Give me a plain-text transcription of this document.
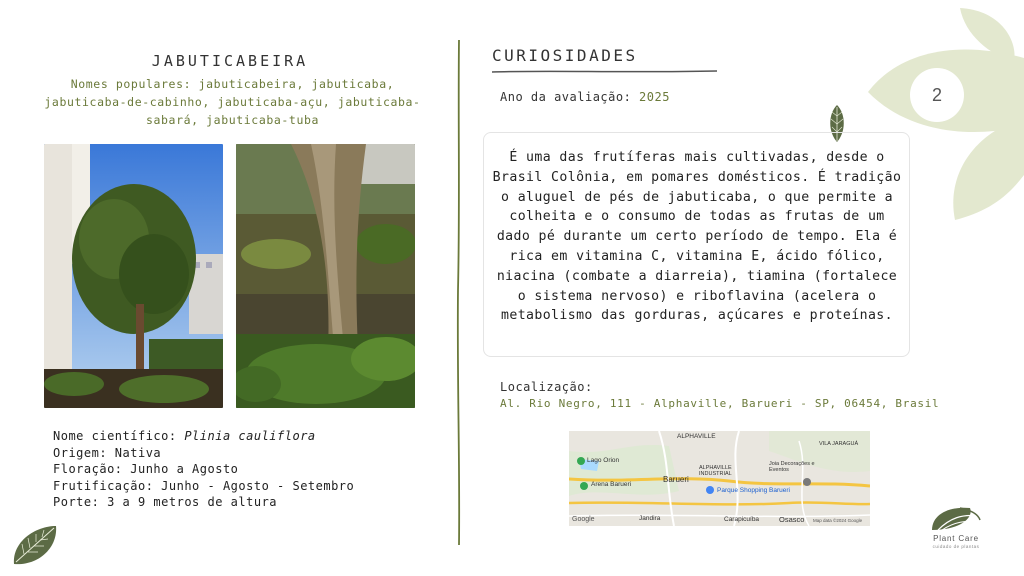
2
JABUTICABEIRA
Nomes populares: jabuticabeira, jabuticaba, jabuticaba-de-cabinho, jabuticaba-açu, jabuticaba-sabará, jabuticaba-tuba
Nome científico: Plinia cauliflora
Origem: Nativa
Floração: Junho a Agosto
Frutificação: Junho - Agosto - Setembro
Porte: 3 a 9 metros de altura
CURIOSIDADES
Ano da avaliação: 2025
É uma das frutíferas mais cultivadas, desde o Brasil Colônia, em pomares domésticos. É tradição o aluguel de pés de jabuticaba, o que permite a colheita e o consumo de todas as frutas de um dado pé durante um certo período de tempo. Ela é rica em vitamina C, vitamina E, ácido fólico, niacina (combate a diarreia), tiamina (fortalece o sistema nervoso) e riboflavina (acelera o metabolismo das gorduras, açúcares e proteínas.
Localização:
Al. Rio Negro, 111 - Alphaville, Barueri - SP, 06454, Brasil
ALPHAVILLE
VILA JARAGUÁ
Lago Orion
Barueri
ALPHAVILLE INDUSTRIAL
Joia Decorações e Eventos
Arena Barueri
Parque Shopping Barueri
Jandira	Carapicuíba	Osasco
Google	Map data ©2024 Google
Plant Care
cuidado de plantas
